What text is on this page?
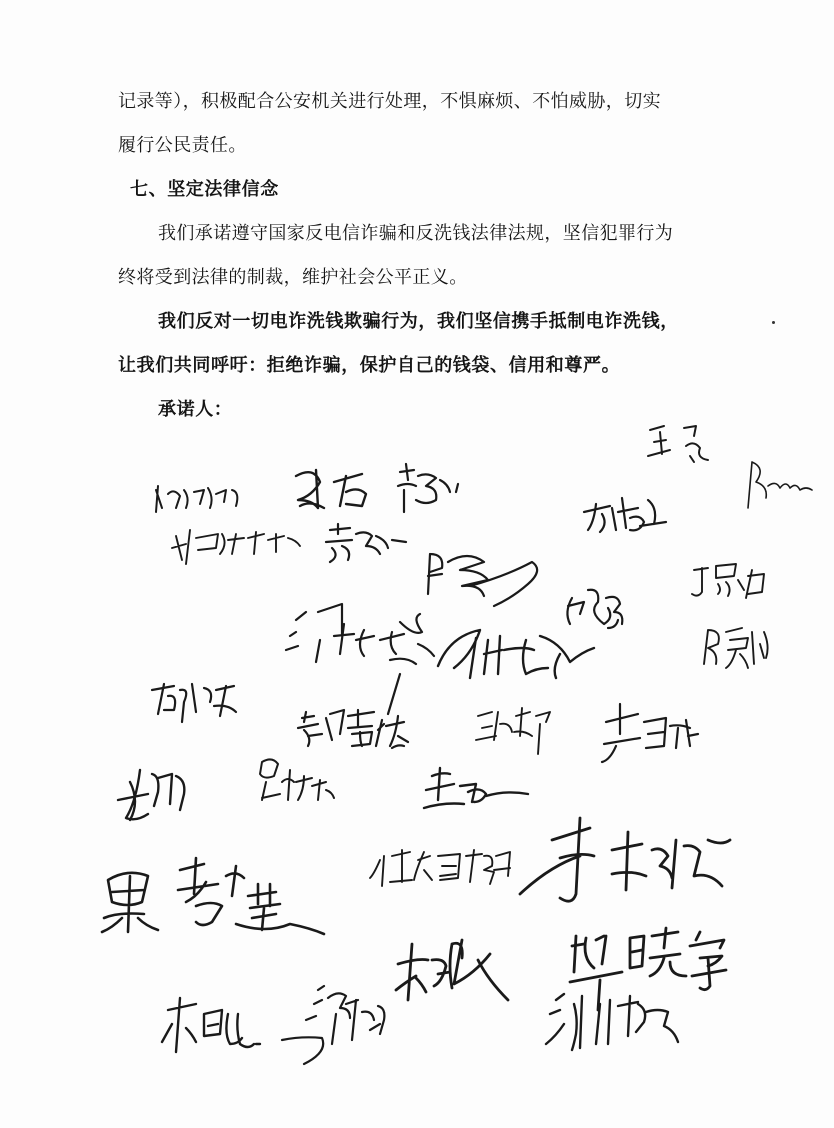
记录等），积极配合公安机关进行处理，不惧麻烦、不怕威胁，切实
履行公民责任。
七、坚定法律信念
我们承诺遵守国家反电信诈骗和反洗钱法律法规，坚信犯罪行为
终将受到法律的制裁，维护社会公平正义。
我们反对一切电诈洗钱欺骗行为，我们坚信携手抵制电诈洗钱，
让我们共同呼吁：拒绝诈骗，保护自己的钱袋、信用和尊严。
承诺人：
